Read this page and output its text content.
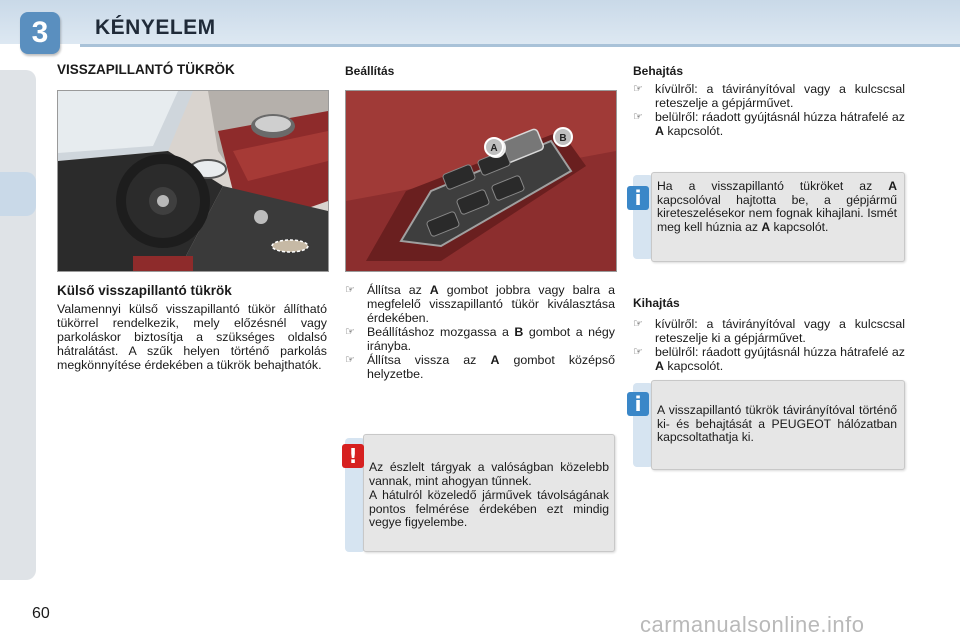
3	KÉNYELEM
60
VISSZAPILLANTÓ TÜKRÖK
Külső visszapillantó tükrök
Valamennyi külső visszapillantó tükör állítható tükörrel rendelkezik, mely előzésnél vagy parkoláskor biztosítja a szükséges oldalsó hátralátást. A szűk helyen történő parkolás megkönnyítése érdekében a tükrök behajthatók.
Beállítás
A
B
☞ Állítsa az A gombot jobbra vagy balra a megfelelő visszapillantó tükör kiválasztása érdekében.
☞ Beállításhoz mozgassa a B gombot a négy irányba.
☞ Állítsa vissza az A gombot középső helyzetbe.
! Az észlelt tárgyak a valóságban közelebb vannak, mint ahogyan tűnnek.
A hátulról közeledő járművek távolságának pontos felmérése érdekében ezt mindig vegye figyelembe.
Behajtás
☞ kívülről: a távirányítóval vagy a kulcscsal reteszelje a gépjárművet.
☞ belülről: ráadott gyújtásnál húzza hátrafelé az A kapcsolót.
i	Ha a visszapillantó tükröket az A kapcsolóval hajtotta be, a gépjármű kireteszelésekor nem fognak kihajlani. Ismét meg kell húznia az A kapcsolót.
Kihajtás
☞ kívülről: a távirányítóval vagy a kulcscsal reteszelje ki a gépjárművet.
☞ belülről: ráadott gyújtásnál húzza hátrafelé az A kapcsolót.
i	A visszapillantó tükrök távirányítóval történő ki- és behajtását a PEUGEOT hálózatban kapcsoltathatja ki.
carmanualsonline.info
